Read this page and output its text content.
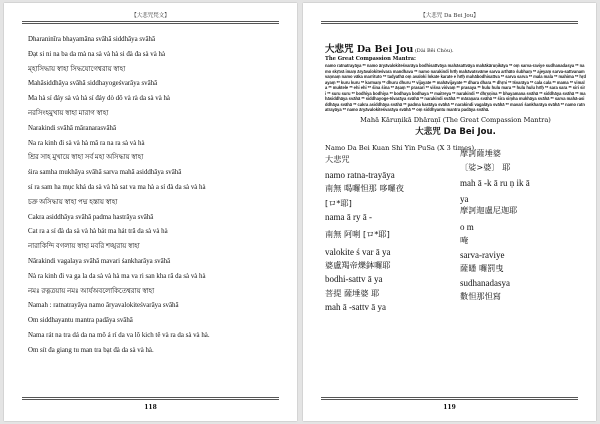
【大悲咒梵文】
Dharaninīra bhayamāna svāhā siddhāya svāhā
Ðạt si ni na ba da mà na sà và hà si đà đa sà và hà
ম্হাসিদ্ধায় স্বাহা সিদ্ধযোগেশ্বরায় স্বাহা
Mahāsiddhāya svāhā siddhayogeśvarāya svāhā
Ma hà sí đáy sà và hà sí đáy dò dô và rà da sà và hà
নরসিংহমুখায় স্বাহা মারাগ স্বাহা
Narakindi svāhā māranarasvāhā
Na ra kinh đi sà và hà mã ra na ra sà và hà
শ্রির সাহ মুখায়ে স্বাহা সর্ব মহা অসিদ্ধায় স্বাহা
śira samha mukhāya svāhā sarva mahā asiddhāya svāhā
sí ra sam ha mục khá da sà và hà sat va ma hà a sí đà da sà và hà
চক্র অসিদ্ধায় স্বাহা পদ্ম হস্তায় স্বাহা
Cakra asiddhāya svāhā padma hastrāya svāhā
Cat ra a sí đà da sà và hà bát ma hát tră da sà và hà
নারাকিন্দি বগলায় স্বাহা মবরি শঙ্খরায় স্বাহা
Nārakindi vagalaya svāhā mavari śankharāya svāhā
Nà ra kinh đi va ga la da sà và hà ma va ri san kha rã da sà và hà
নমঃ রত্নত্রয়ায় নমঃ আর্যঅবলোকিতেশ্বরায় স্বাহা
Namah : ratnatrayāya namo āryavalokiteśvarāya svāhā
Om siddhayantu mantra padāya svāhā
Nama rát na tra dá da na mô á rí da va lô kich tê và ra da sà và hà.
Om sít đa giang tu man tra bạt đà da sà và hà.
118
【大悲咒 Da Bei Jou】
大悲咒 Da Bei Jou (Dài Bēi Chòu).
The Great Compassion Mantra:
namo ratnatrayāya ** namo āryāvalokiteśvarāya bodhisattvāya mahāsattvāya mahākāruṇikāya ** oṃ sarva-raviye sudhanadasya ** namo skṛtvā imaṃ āryāvalokiteśvara mandhava ** namo narakindi hrīḥ mahāvatsvāme sarva arthāto śubhaṃ ** ajeyaṃ sarva-sattvanam vaṇnaṃ namo vāka marrituto ** tadyathā oṃ avaloki lokate karate e hrīḥ mahābodhisattva ** sarva sarva ** mala mala ** mahima ** hṛdayaṃ ** kuru kuru ** karmaṃ ** dhuru dhuru ** vijayate ** mahāvijayate ** dhara dhara ** dhṛni ** īśvarāya ** cala cala ** mama ** vimala ** muktele ** ehi ehi ** śina śina ** āṣaṃ ** prasari ** viśva viśvaṃ ** prasaya ** hulu hulu mara ** hulu hulu hrīḥ ** sara sara ** siri siri ** suru suru ** bodhiya bodhiya ** bodhaya bodhaya ** maitreya ** narakindi ** dhṛṣṇina ** bhayamana svāhā ** siddhāya svāhā ** mahāsiddhāya svāhā ** siddhayoge-īśvarāya svāhā ** narakindi svāhā ** māraṇara svāhā ** śira siṃha mukhāya svāhā ** sarva mahā-asiddhāya svāhā ** cakra asiddhāya svāhā ** padma kastāya svāhā ** narakindi vagalāya svāhā ** mavari śankharāya svāhā ** namo ratnatrayāya ** namo āryāvalokiteśvarāya svāhā ** oṃ siddhyantu mantra padāya svāhā.
Mahā Kāruṇikā Dhāraṇī (The Great Compassion Mantra)
大悲咒 Da Bei Jou.
Namo Da Bei Kuan Shi Yin PuSa (X 3 times).
大悲咒
namo ratna-trayāya
南無 喝囉怛那 哆囉夜
[ロ*耶]
nama ā ry ā -
南無 阿唎 [ロ*耶]
valokite ś var ā ya
婆盧羯帝爍鉢囉耶
bodhi-sattv ā ya
菩提 薩埵婆 耶
mah ā -sattv ā ya
摩訶薩埵婆
〔娑>婆〕 耶
mah ā -k ā ru ṇ ik ā
ya
摩訶迦盧尼迦耶
o m
唵
sarva-raviye
薩皤 囉罰曳
sudhanadasya
數怛那怛寫
119
